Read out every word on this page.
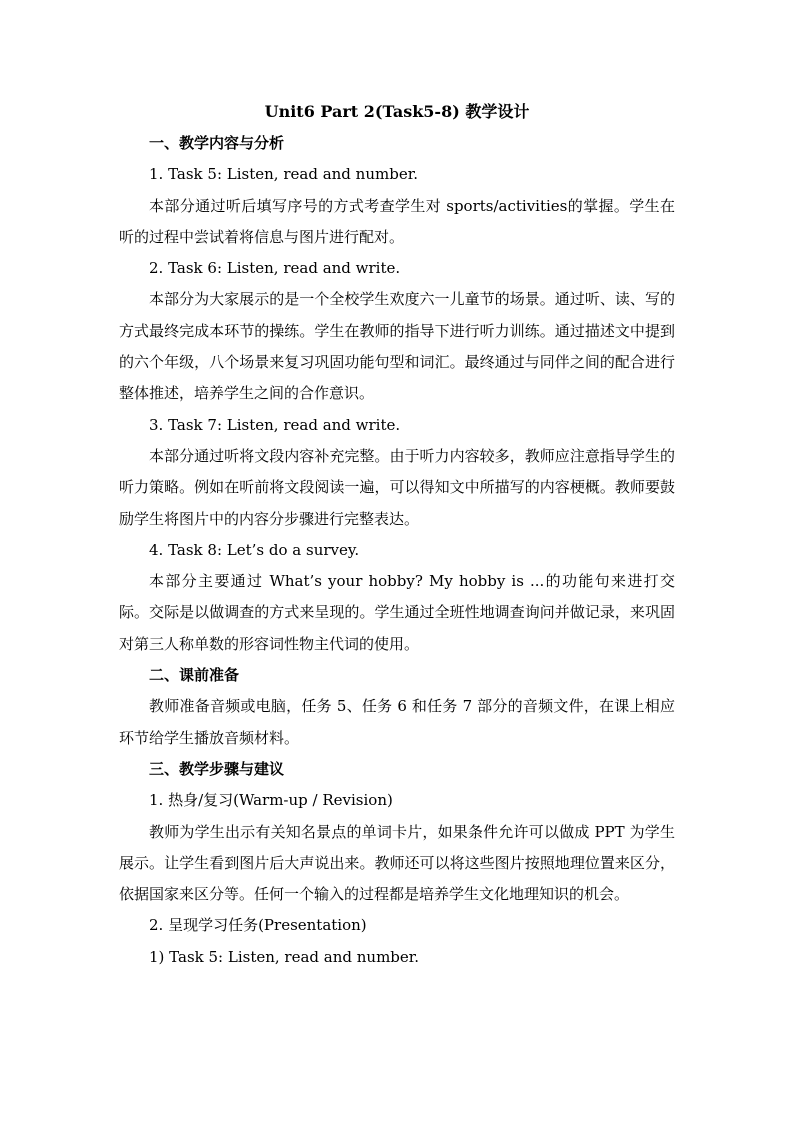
Unit6 Part 2(Task5-8) 教学设计

一、教学内容与分析

1. Task 5: Listen, read and number.

本部分通过听后填写序号的方式考查学生对 sports/activities的掌握。学生在听的过程中尝试着将信息与图片进行配对。

2. Task 6: Listen, read and write.

本部分为大家展示的是一个全校学生欢度六一儿童节的场景。通过听、读、写的方式最终完成本环节的操练。学生在教师的指导下进行听力训练。通过描述文中提到的六个年级，八个场景来复习巩固功能句型和词汇。最终通过与同伴之间的配合进行整体推述，培养学生之间的合作意识。

3. Task 7: Listen, read and write.

本部分通过听将文段内容补充完整。由于听力内容较多，教师应注意指导学生的听力策略。例如在听前将文段阅读一遍，可以得知文中所描写的内容梗概。教师要鼓励学生将图片中的内容分步骤进行完整表达。

4. Task 8: Let’s do a survey.

本部分主要通过 What’s your hobby? My hobby is ...的功能句来进打交际。交际是以做调查的方式来呈现的。学生通过全班性地调查询问并做记录，来巩固对第三人称单数的形容词性物主代词的使用。

二、课前准备

教师准备音频或电脑，任务 5、任务 6 和任务 7 部分的音频文件，在课上相应环节给学生播放音频材料。

三、教学步骤与建议

1. 热身/复习(Warm-up / Revision)

教师为学生出示有关知名景点的单词卡片，如果条件允许可以做成 PPT 为学生展示。让学生看到图片后大声说出来。教师还可以将这些图片按照地理位置来区分，依据国家来区分等。任何一个输入的过程都是培养学生文化地理知识的机会。

2. 呈现学习任务(Presentation)

1) Task 5: Listen, read and number.
